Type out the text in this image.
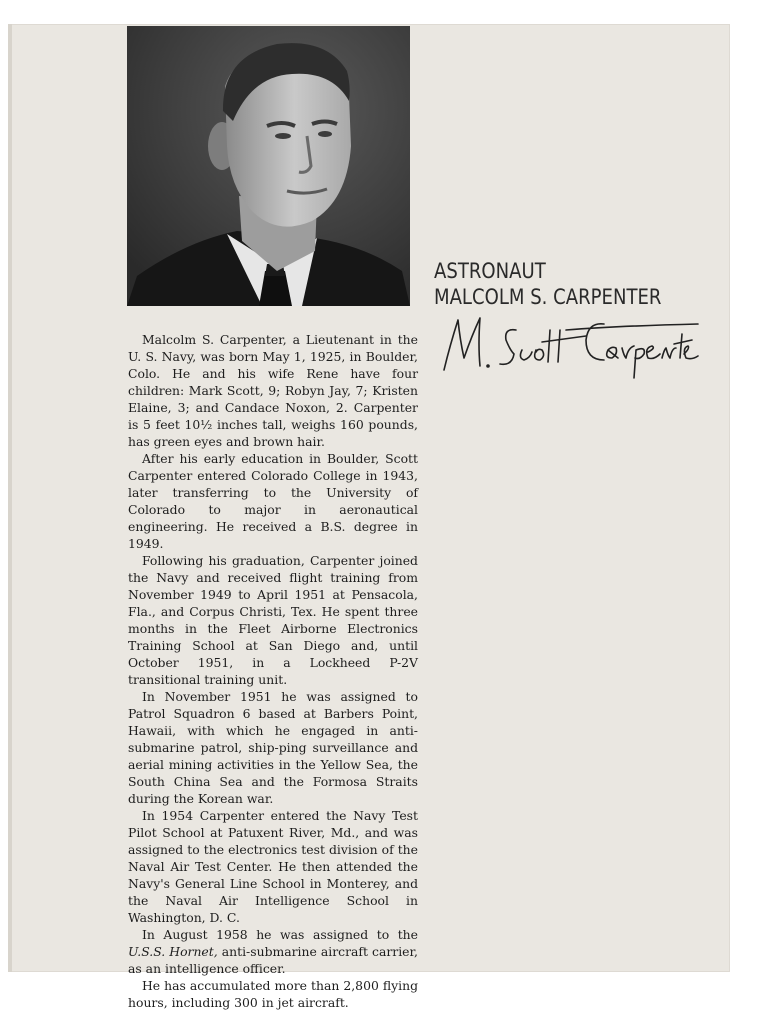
ASTRONAUT
MALCOLM S. CARPENTER

Malcolm S. Carpenter, a Lieutenant in the U. S. Navy, was born May 1, 1925, in Boulder, Colo. He and his wife Rene have four children: Mark Scott, 9; Robyn Jay, 7; Kristen Elaine, 3; and Candace Noxon, 2. Carpenter is 5 feet 10½ inches tall, weighs 160 pounds, has green eyes and brown hair.

After his early education in Boulder, Scott Carpenter entered Colorado College in 1943, later transferring to the University of Colorado to major in aeronautical engineering. He received a B.S. degree in 1949.

Following his graduation, Carpenter joined the Navy and received flight training from November 1949 to April 1951 at Pensacola, Fla., and Corpus Christi, Tex. He spent three months in the Fleet Airborne Electronics Training School at San Diego and, until October 1951, in a Lockheed P-2V transitional training unit.

In November 1951 he was assigned to Patrol Squadron 6 based at Barbers Point, Hawaii, with which he engaged in anti-submarine patrol, ship-ping surveillance and aerial mining activities in the Yellow Sea, the South China Sea and the Formosa Straits during the Korean war.

In 1954 Carpenter entered the Navy Test Pilot School at Patuxent River, Md., and was assigned to the electronics test division of the Naval Air Test Center. He then attended the Navy's General Line School in Monterey, and the Naval Air Intelligence School in Washington, D. C.

In August 1958 he was assigned to the U.S.S. Hornet, anti-submarine aircraft carrier, as an intelligence officer.

He has accumulated more than 2,800 flying hours, including 300 in jet aircraft.
